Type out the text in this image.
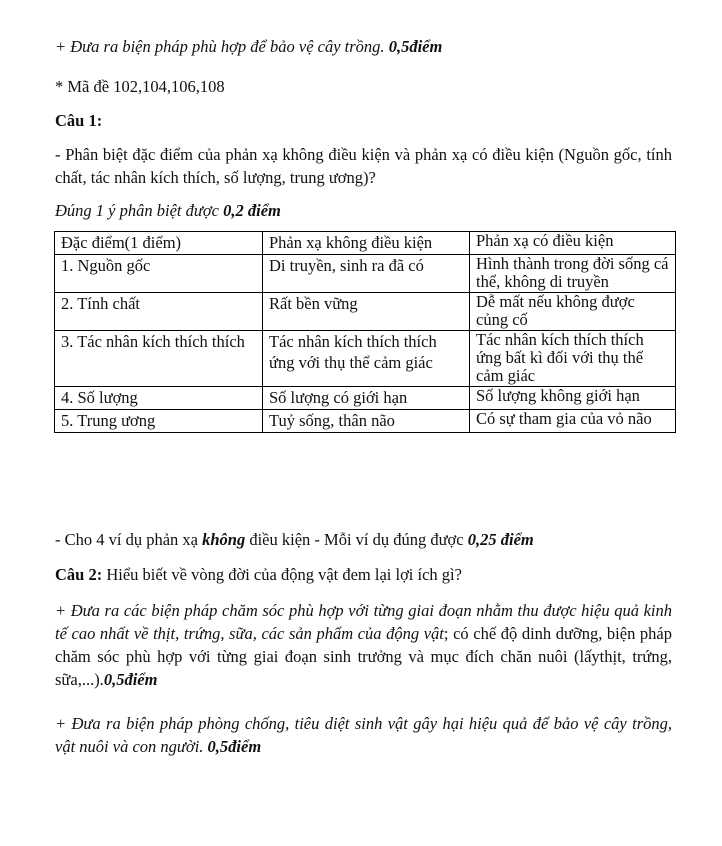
+ Đưa ra biện pháp phù hợp để bảo vệ cây trồng. 0,5điểm
* Mã đề 102,104,106,108
Câu 1:
- Phân biệt đặc điểm của phản xạ không điều kiện và phản xạ có điều kiện (Nguồn gốc, tính chất, tác nhân kích thích, số lượng, trung ương)?
Đúng 1 ý phân biệt được 0,2 điểm
Đặc điểm(1 điểm)	Phản xạ không điều kiện	Phản xạ có điều kiện
1. Nguồn gốc	Di truyền, sinh ra đã có	Hình thành trong đời sống cá thể, không di truyền
2. Tính chất	Rất bền vững	Dễ mất nếu không được củng cố
3. Tác nhân kích thích thích	Tác nhân kích thích thích ứng với thụ thể cảm giác	Tác nhân kích thích thích ứng bất kì đối với thụ thể cảm giác
4. Số lượng	Số lượng có giới hạn	Số lượng không giới hạn
5. Trung ương	Tuỷ sống, thân não	Có sự tham gia của vỏ não
- Cho 4 ví dụ phản xạ không điều kiện - Mỗi ví dụ đúng được 0,25 điểm
Câu 2: Hiểu biết về vòng đời của động vật đem lại lợi ích gì?
+ Đưa ra các biện pháp chăm sóc phù hợp với từng giai đoạn nhằm thu được hiệu quả kinh tế cao nhất về thịt, trứng, sữa, các sản phẩm của động vật; có chế độ dinh dưỡng, biện pháp chăm sóc phù hợp với từng giai đoạn sinh trưởng và mục đích chăn nuôi (lấythịt, trứng, sữa,...).0,5điểm
+ Đưa ra biện pháp phòng chống, tiêu diệt sinh vật gây hại hiệu quả để bảo vệ cây trồng, vật nuôi và con người. 0,5điểm
